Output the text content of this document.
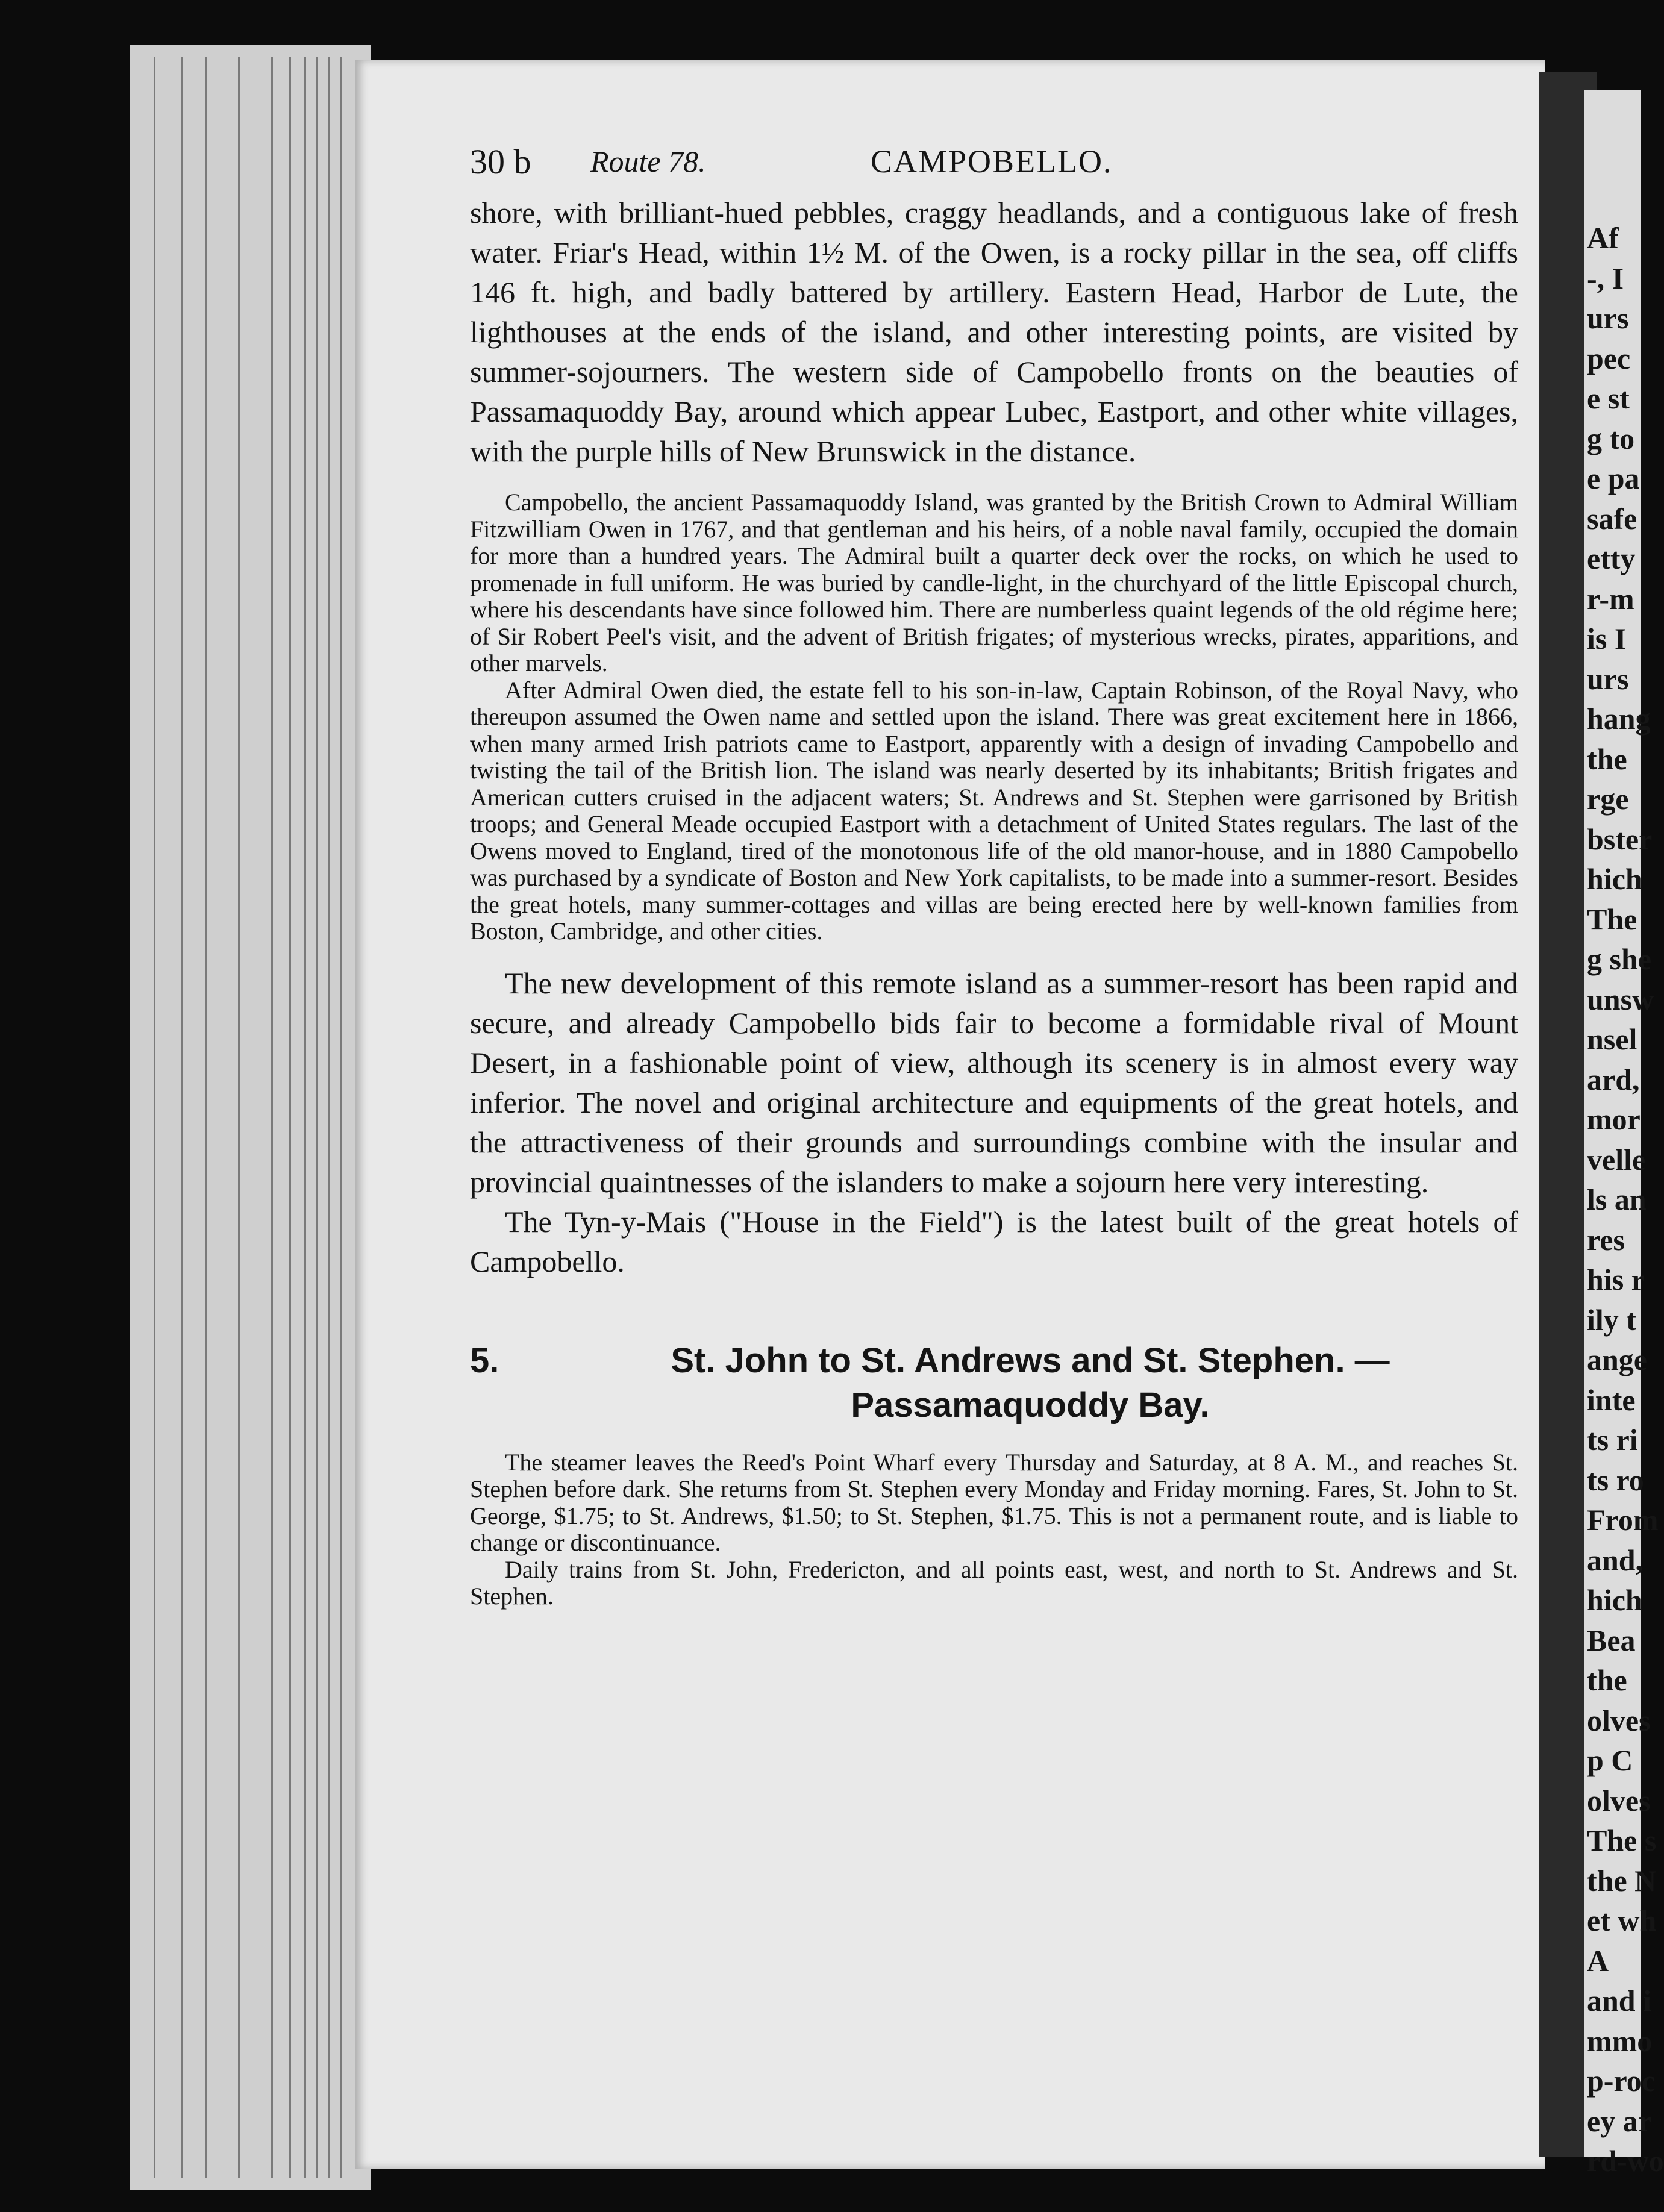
Af
-, I
urs
pec
e st
g to
e pa
safe
etty
r-m
is I
urs
hang
the
rge
bster
hich
The
g she
unsw
nsel
ard,
mor
velle
ls an
res
his r
ily t
ange
inte
ts ri
ts ro
From
and,
hich
Bea
the
olves
p C
olves
The s
the N
et wh
A
and i
mmo
p-roc
ey ar
rd-wo
30 b Route 78.	CAMPOBELLO.

shore, with brilliant-hued pebbles, craggy headlands, and a contiguous lake of fresh water. Friar's Head, within 1½ M. of the Owen, is a rocky pillar in the sea, off cliffs 146 ft. high, and badly battered by artillery. Eastern Head, Harbor de Lute, the lighthouses at the ends of the island, and other interesting points, are visited by summer-sojourners. The western side of Campobello fronts on the beauties of Passamaquoddy Bay, around which appear Lubec, Eastport, and other white villages, with the purple hills of New Brunswick in the distance.

Campobello, the ancient Passamaquoddy Island, was granted by the British Crown to Admiral William Fitzwilliam Owen in 1767, and that gentleman and his heirs, of a noble naval family, occupied the domain for more than a hundred years. The Admiral built a quarter deck over the rocks, on which he used to promenade in full uniform. He was buried by candle-light, in the churchyard of the little Episcopal church, where his descendants have since followed him. There are numberless quaint legends of the old régime here; of Sir Robert Peel's visit, and the advent of British frigates; of mysterious wrecks, pirates, apparitions, and other marvels.

After Admiral Owen died, the estate fell to his son-in-law, Captain Robinson, of the Royal Navy, who thereupon assumed the Owen name and settled upon the island. There was great excitement here in 1866, when many armed Irish patriots came to Eastport, apparently with a design of invading Campobello and twisting the tail of the British lion. The island was nearly deserted by its inhabitants; British frigates and American cutters cruised in the adjacent waters; St. Andrews and St. Stephen were garrisoned by British troops; and General Meade occupied Eastport with a detachment of United States regulars. The last of the Owens moved to England, tired of the monotonous life of the old manor-house, and in 1880 Campobello was purchased by a syndicate of Boston and New York capitalists, to be made into a summer-resort. Besides the great hotels, many summer-cottages and villas are being erected here by well-known families from Boston, Cambridge, and other cities.

The new development of this remote island as a summer-resort has been rapid and secure, and already Campobello bids fair to become a formidable rival of Mount Desert, in a fashionable point of view, although its scenery is in almost every way inferior. The novel and original architecture and equipments of the great hotels, and the attractiveness of their grounds and surroundings combine with the insular and provincial quaintnesses of the islanders to make a sojourn here very interesting.

The Tyn-y-Mais ("House in the Field") is the latest built of the great hotels of Campobello.

5.	St. John to St. Andrews and St. Stephen. — Passamaquoddy Bay.

The steamer leaves the Reed's Point Wharf every Thursday and Saturday, at 8 A. M., and reaches St. Stephen before dark. She returns from St. Stephen every Monday and Friday morning. Fares, St. John to St. George, $1.75; to St. Andrews, $1.50; to St. Stephen, $1.75. This is not a permanent route, and is liable to change or discontinuance.

Daily trains from St. John, Fredericton, and all points east, west, and north to St. Andrews and St. Stephen.
